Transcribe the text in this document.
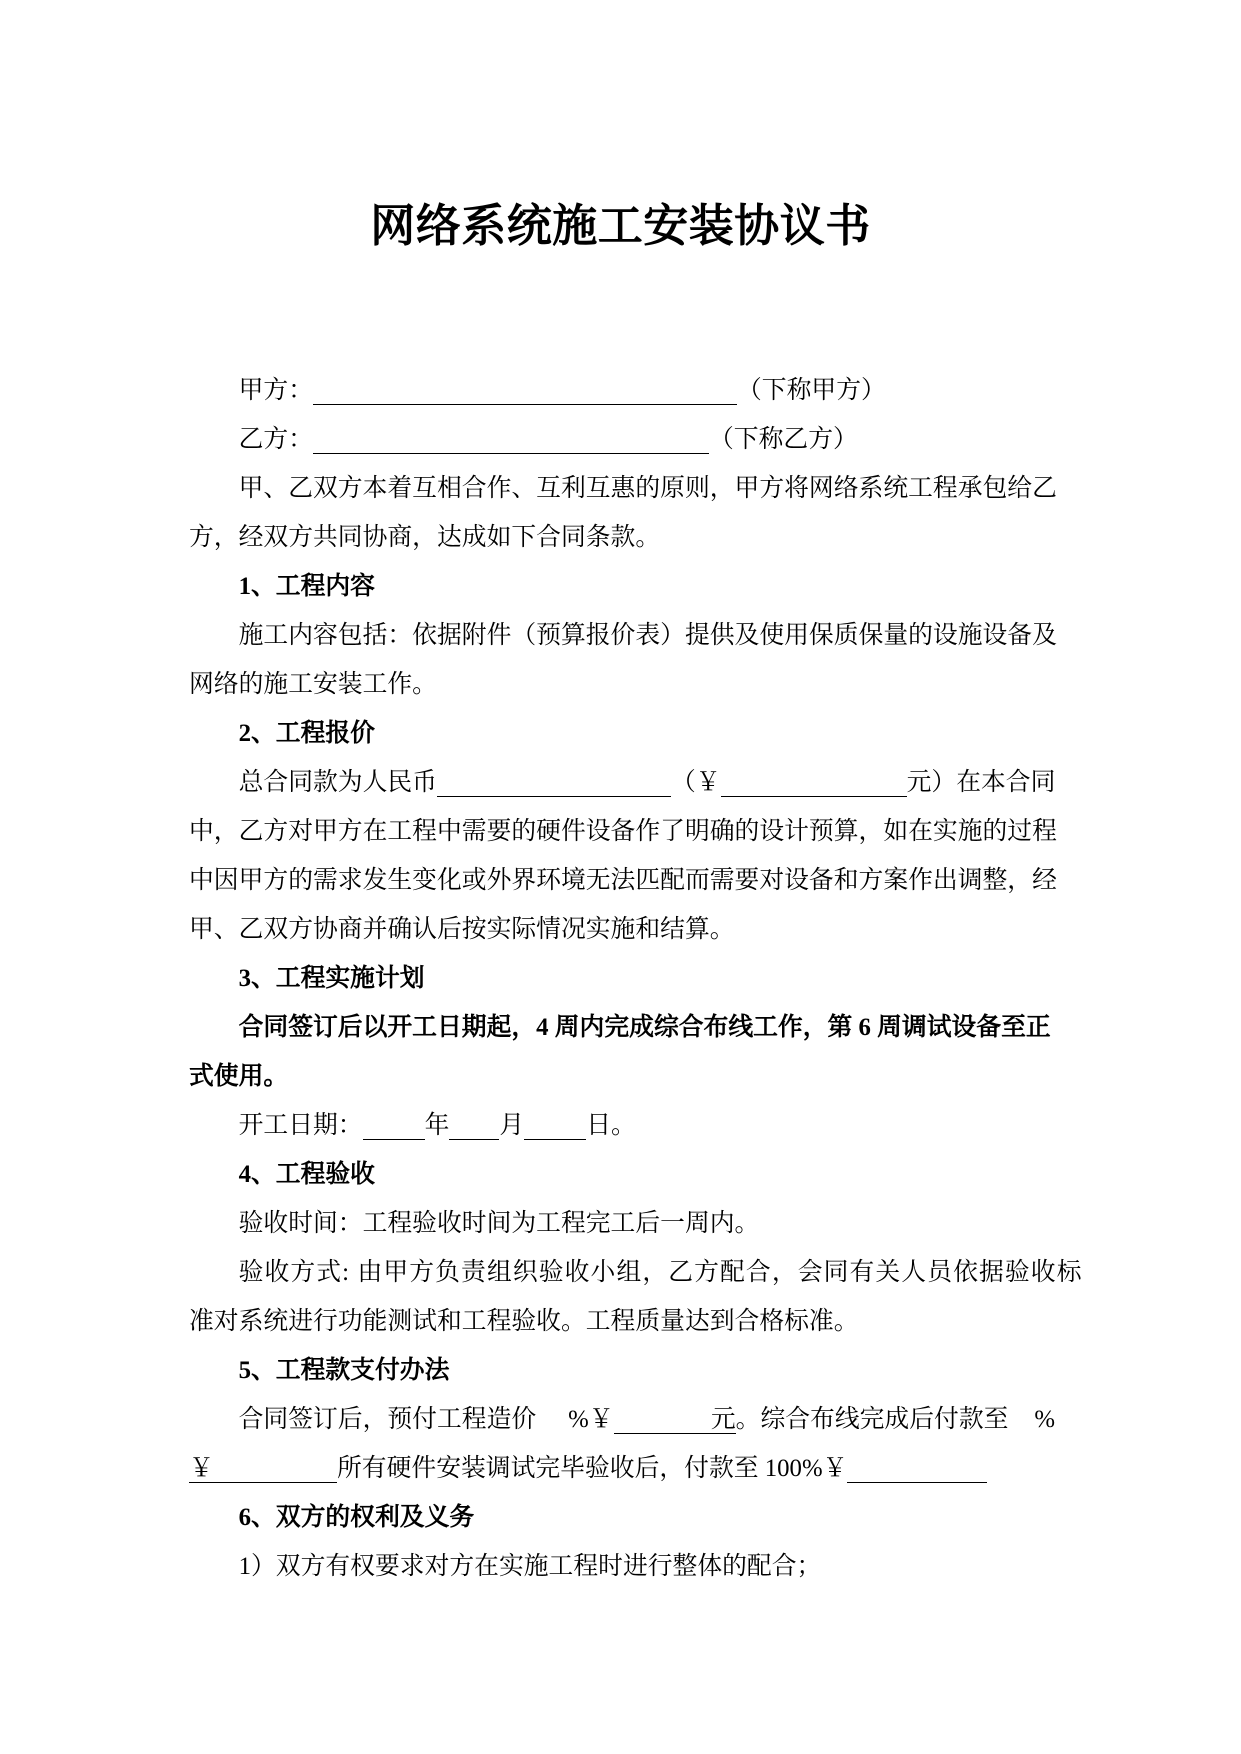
网络系统施工安装协议书
甲方： ​	（下称甲方）
乙方： ​	（下称乙方）
甲、乙双方本着互相合作、互利互惠的原则，甲方将网络系统工程承包给乙
方，经双方共同协商，达成如下合同条款。
1、工程内容
施工内容包括：依据附件（预算报价表）提供及使用保质保量的设施设备及
网络的施工安装工作。
2、工程报价
总合同款为人民币 ​	（￥ ​	元）在本合同
中，乙方对甲方在工程中需要的硬件设备作了明确的设计预算，如在实施的过程
中因甲方的需求发生变化或外界环境无法匹配而需要对设备和方案作出调整，经
甲、乙双方协商并确认后按实际情况实施和结算。
3、工程实施计划
合同签订后以开工日期起，4 周内完成综合布线工作，第 6 周调试设备至正
式使用。
开工日期： ​	年 ​ 月 ​	日。
4、工程验收
验收时间：工程验收时间为工程完工后一周内。
验收方式: 由甲方负责组织验收小组，乙方配合，会同有关人员依据验收标
准对系统进行功能测试和工程验收。工程质量达到合格标准。
5、工程款支付办法
合同签订后，预付工程造价 %￥	​ 元。综合布线完成后付款至 %
​ ￥	所有硬件安装调试完毕验收后，付款至 100%￥​
6、双方的权利及义务
1）双方有权要求对方在实施工程时进行整体的配合；
